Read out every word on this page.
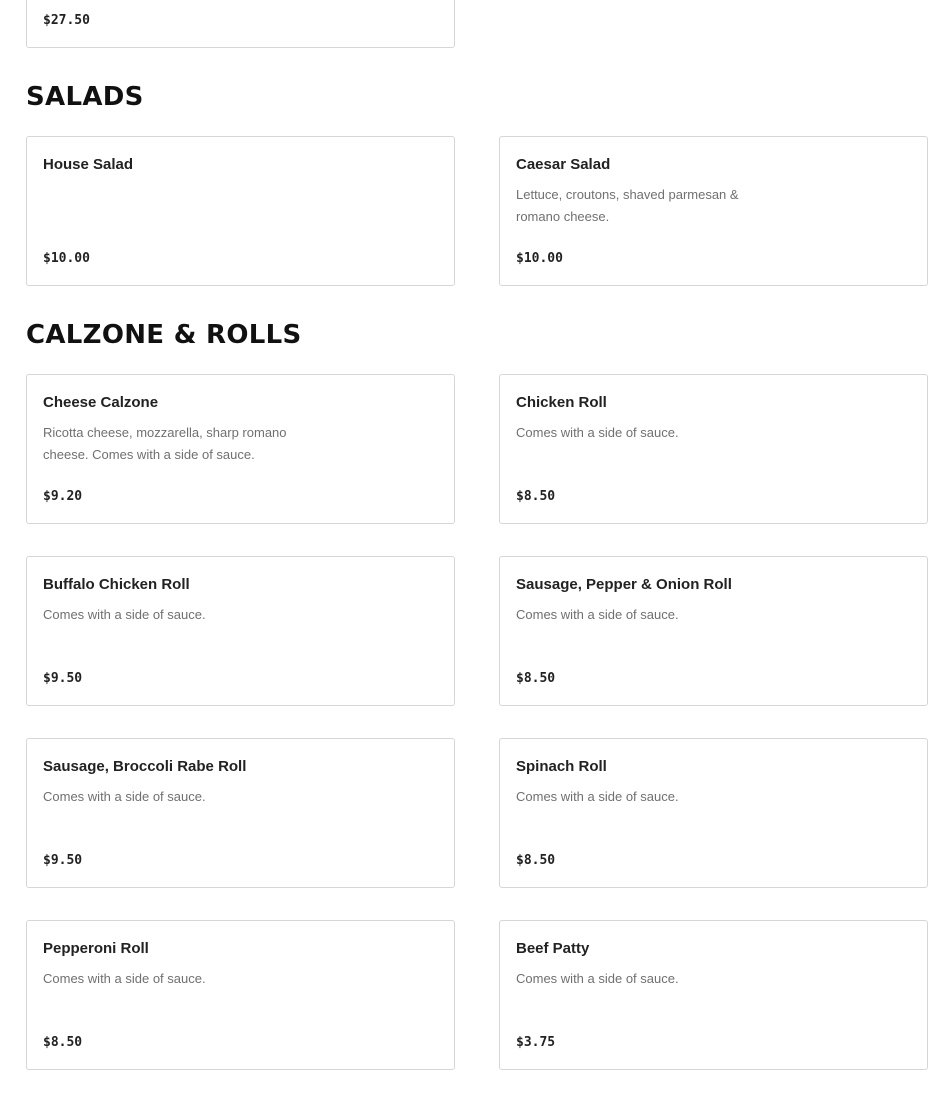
$27.50
SALADS
House Salad
$10.00
Caesar Salad
Lettuce, croutons, shaved parmesan & romano cheese.
$10.00
CALZONE & ROLLS
Cheese Calzone
Ricotta cheese, mozzarella, sharp romano cheese. Comes with a side of sauce.
$9.20
Chicken Roll
Comes with a side of sauce.
$8.50
Buffalo Chicken Roll
Comes with a side of sauce.
$9.50
Sausage, Pepper & Onion Roll
Comes with a side of sauce.
$8.50
Sausage, Broccoli Rabe Roll
Comes with a side of sauce.
$9.50
Spinach Roll
Comes with a side of sauce.
$8.50
Pepperoni Roll
Comes with a side of sauce.
$8.50
Beef Patty
Comes with a side of sauce.
$3.75
